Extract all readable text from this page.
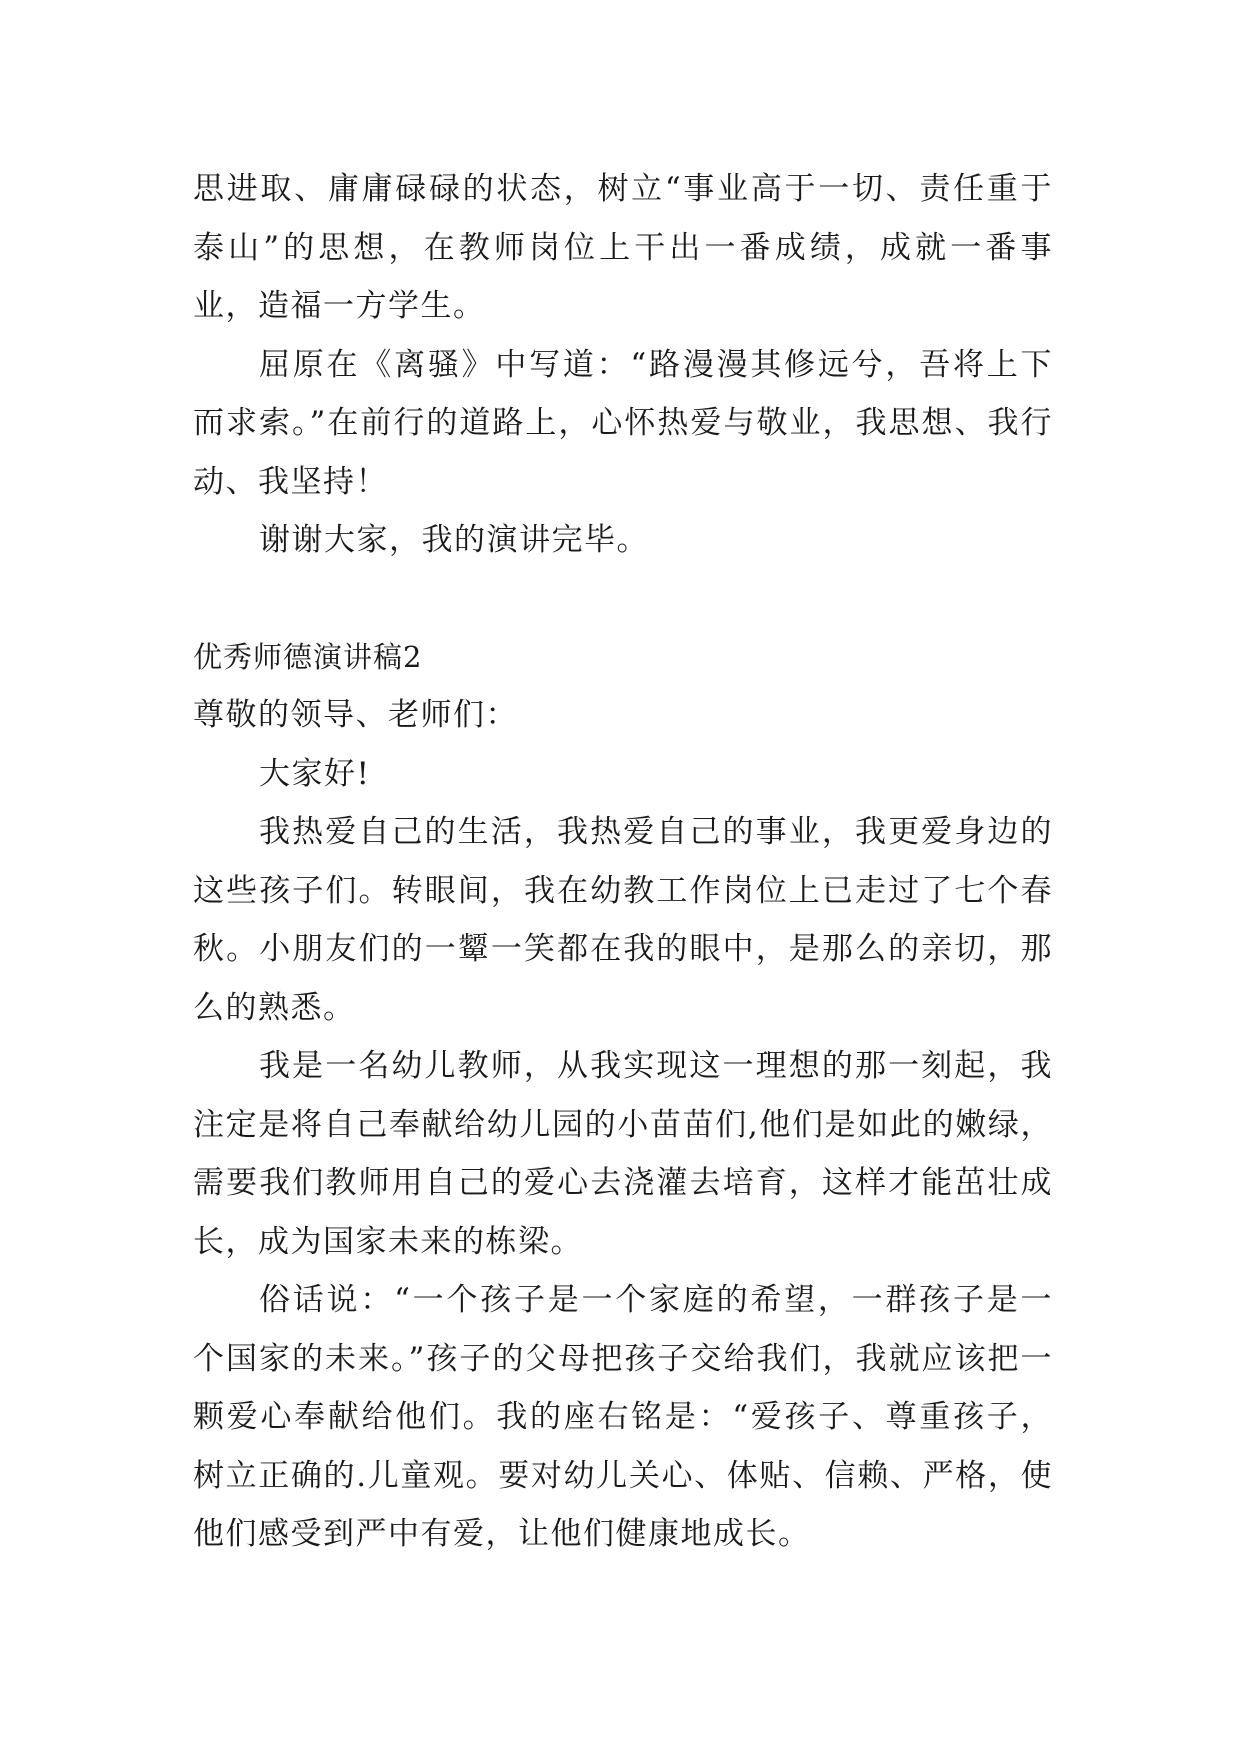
思进取、庸庸碌碌的状态，树立“事业高于一切、责任重于泰山”的思想，在教师岗位上干出一番成绩，成就一番事业，造福一方学生。

屈原在《离骚》中写道：“路漫漫其修远兮，吾将上下而求索。”在前行的道路上，心怀热爱与敬业，我思想、我行动、我坚持！

谢谢大家，我的演讲完毕。

优秀师德演讲稿2

尊敬的领导、老师们：

大家好!

我热爱自己的生活，我热爱自己的事业，我更爱身边的这些孩子们。转眼间，我在幼教工作岗位上已走过了七个春秋。小朋友们的一颦一笑都在我的眼中，是那么的亲切，那么的熟悉。

我是一名幼儿教师，从我实现这一理想的那一刻起，我注定是将自己奉献给幼儿园的小苗苗们,他们是如此的嫩绿，需要我们教师用自己的爱心去浇灌去培育，这样才能茁壮成长，成为国家未来的栋梁。

俗话说：“一个孩子是一个家庭的希望，一群孩子是一个国家的未来。”孩子的父母把孩子交给我们，我就应该把一颗爱心奉献给他们。我的座右铭是：“爱孩子、尊重孩子，树立正确的.儿童观。要对幼儿关心、体贴、信赖、严格，使他们感受到严中有爱，让他们健康地成长。
